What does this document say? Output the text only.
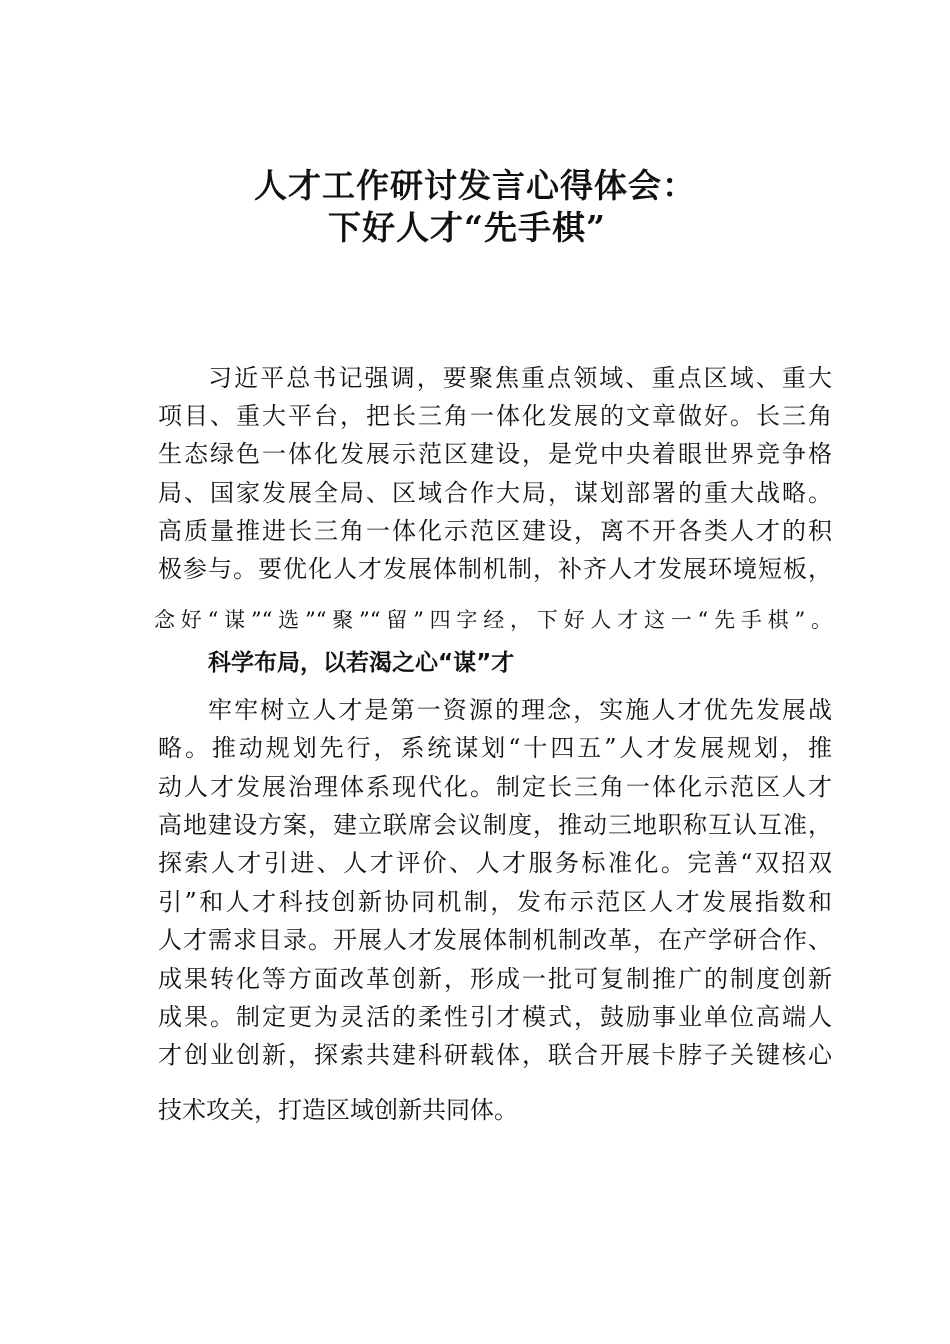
人才工作研讨发言心得体会：
下好人才“先手棋”
习近平总书记强调，要聚焦重点领域、重点区域、重大
项目、重大平台，把长三角一体化发展的文章做好。长三角
生态绿色一体化发展示范区建设，是党中央着眼世界竞争格
局、国家发展全局、区域合作大局，谋划部署的重大战略。
高质量推进长三角一体化示范区建设，离不开各类人才的积
极参与。要优化人才发展体制机制，补齐人才发展环境短板，
念好“谋”“选”“聚”“留”四字经，下好人才这一“先手棋”。
科学布局，以若渴之心“谋”才
牢牢树立人才是第一资源的理念，实施人才优先发展战
略。推动规划先行，系统谋划“十四五”人才发展规划，推
动人才发展治理体系现代化。制定长三角一体化示范区人才
高地建设方案，建立联席会议制度，推动三地职称互认互准，
探索人才引进、人才评价、人才服务标准化。完善“双招双
引”和人才科技创新协同机制，发布示范区人才发展指数和
人才需求目录。开展人才发展体制机制改革，在产学研合作、
成果转化等方面改革创新，形成一批可复制推广的制度创新
成果。制定更为灵活的柔性引才模式，鼓励事业单位高端人
才创业创新，探索共建科研载体，联合开展卡脖子关键核心
技术攻关，打造区域创新共同体。
